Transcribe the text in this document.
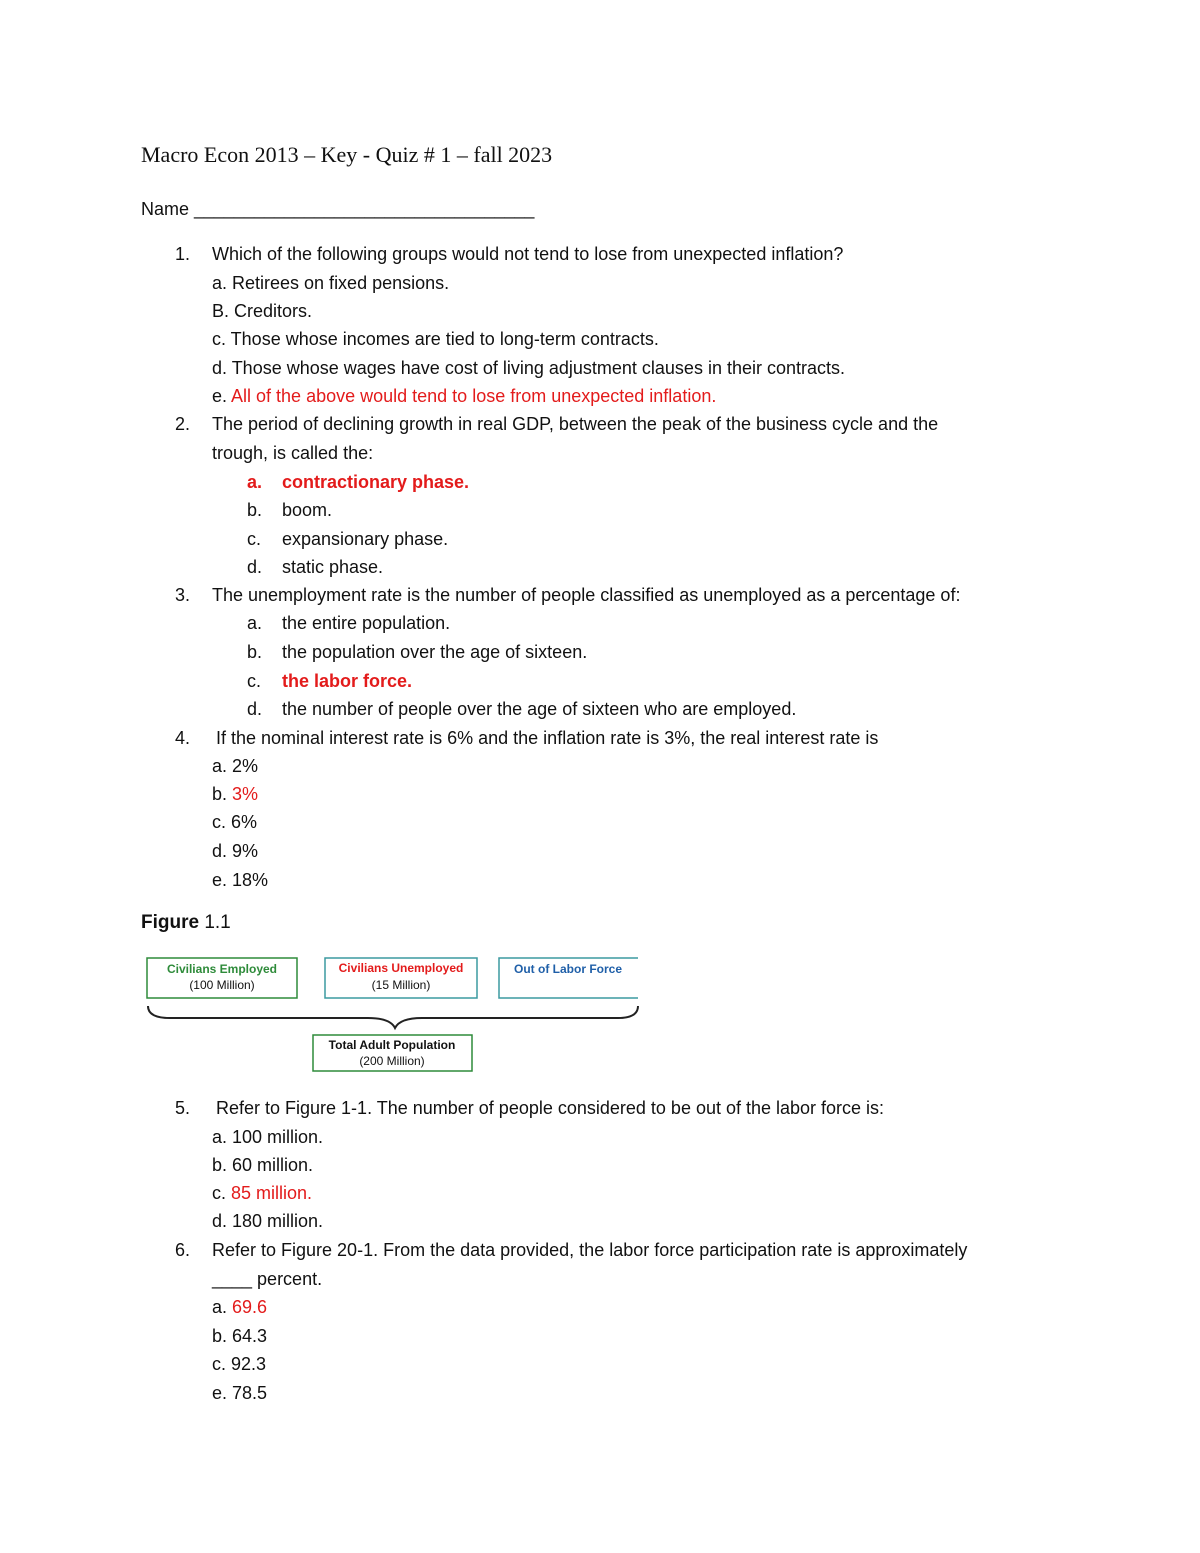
Macro Econ 2013 – Key - Quiz # 1 – fall 2023
Name __________________________________
1. Which of the following groups would not tend to lose from unexpected inflation?
a. Retirees on fixed pensions.
B. Creditors.
c. Those whose incomes are tied to long-term contracts.
d. Those whose wages have cost of living adjustment clauses in their contracts.
e. All of the above would tend to lose from unexpected inflation.
2. The period of declining growth in real GDP, between the peak of the business cycle and the
trough, is called the:
a. contractionary phase.
b. boom.
c. expansionary phase.
d. static phase.
3. The unemployment rate is the number of people classified as unemployed as a percentage of:
a. the entire population.
b. the population over the age of sixteen.
c. the labor force.
d. the number of people over the age of sixteen who are employed.
4. If the nominal interest rate is 6% and the inflation rate is 3%, the real interest rate is
a. 2%
b. 3%
c. 6%
d. 9%
e. 18%
Figure 1.1
Civilians Employed
(100 Million)
Civilians Unemployed
(15 Million)
Out of Labor Force
Total Adult Population
(200 Million)
5. Refer to Figure 1-1. The number of people considered to be out of the labor force is:
a. 100 million.
b. 60 million.
c. 85 million.
d. 180 million.
6. Refer to Figure 20-1. From the data provided, the labor force participation rate is approximately
____ percent.
a. 69.6
b. 64.3
c. 92.3
e. 78.5
